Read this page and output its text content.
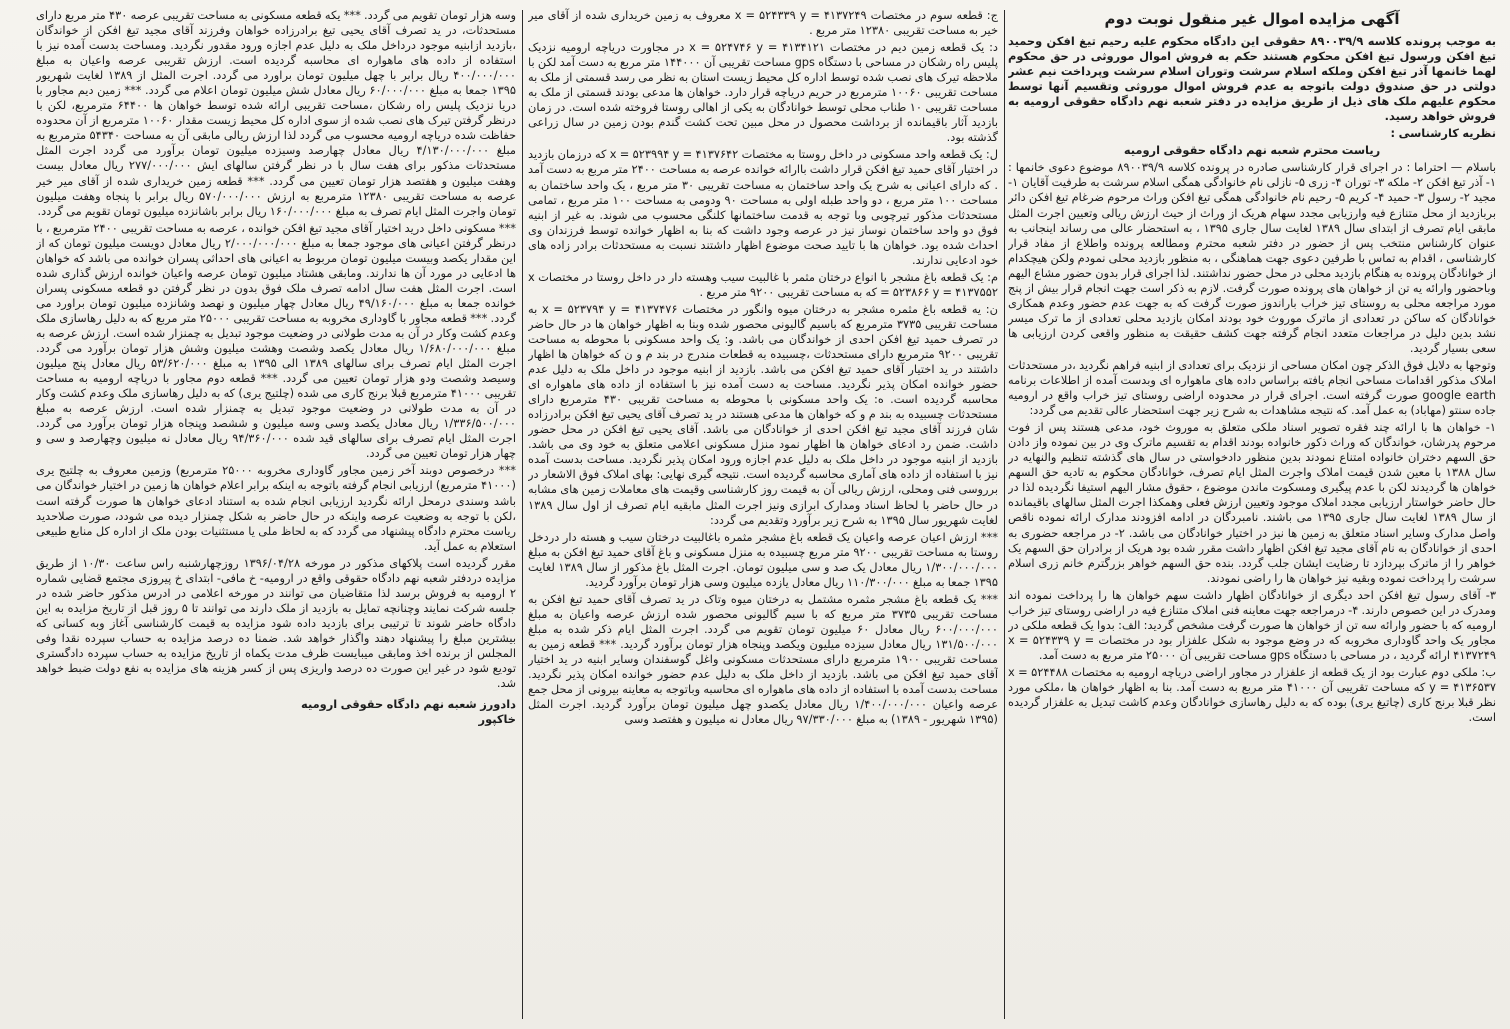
آگهی مزایده اموال غیر منقول نوبت دوم

به موجب پرونده کلاسه ۸۹۰۰۳۹/۹ حقوقی این دادگاه محکوم علیه رحیم تیغ افکن وحمید تیغ افکن ورسول تیغ افکن محکوم هستند حکم به فروش اموال موروثی در حق محکوم لهما خانمها آذر تیغ افکن وملکه اسلام سرشت وتوران اسلام سرشت وپرداخت نیم عشر دولتی در حق صندوق دولت باتوجه به عدم فروش اموال موروثی وتقسیم آنها توسط محکوم علیهم ملک های ذیل از طریق مزایده در دفتر شعبه نهم دادگاه حقوقی ارومیه به فروش خواهد رسید.

نظریه کارشناسی :
ریاست محترم شعبه نهم دادگاه حقوقی ارومیه

باسلام — احتراما : در اجرای قرار کارشناسی صادره در پرونده کلاسه ۸۹۰۰۳۹/۹ موضوع دعوی خانمها : ۱- آذر تیغ افکن ۲- ملکه ۳- توران ۴- زری ۵- نازلی نام خانوادگی همگی اسلام سرشت به طرفیت آقایان ۱- مجید ۲- رسول ۳- حمید ۴- کریم ۵- رحیم نام خانوادگی همگی تیغ افکن وراث مرحوم ضرغام تیغ افکن دائر بربازدید از محل متنازع فیه وارزیابی مجدد سهام هریک از وراث از حیث ارزش ریالی وتعیین اجرت المثل مابقی ایام تصرف از ابتدای سال ۱۳۸۹ لغایت سال جاری ۱۳۹۵ ، به استحضار عالی می رساند اینجانب به عنوان کارشناس منتخب پس از حضور در دفتر شعبه محترم ومطالعه پرونده واطلاع از مفاد قرار کارشناسی ، اقدام به تماس با طرفین دعوی جهت هماهنگی ، به منظور بازدید محلی نمودم ولکن هیچکدام از خوانادگان پرونده به هنگام بازدید محلی در محل حضور نداشتند. لذا اجرای قرار بدون حضور مشاع الیهم وباحضور وارائه یه تن از خواهان های پرونده صورت گرفت. لازم به ذکر است جهت انجام قرار بیش از پنج مورد مراجعه محلی به روستای تیز خراب باراندوز صورت گرفت که به جهت عدم حضور وعدم همکاری خوانادگان که ساکن در تعدادی از ماترک موروث خود بودند امکان بازدید محلی تعدادی از ما ترک میسر نشد بدین دلیل در مراجعات متعدد انجام گرفته جهت کشف حقیقت به منظور واقعی کردن ارزیابی ها سعی بسیار گردید.

وتوجها به دلایل فوق الذکر چون امکان مساحی از نزدیک برای تعدادی از ابنیه فراهم نگردید ،در مستحدثات املاک مذکور اقدامات مساحی انجام یافته براساس داده های ماهواره ای وبدست آمده از اطلاعات برنامه google earth صورت گرفته است. اجرای قرار در محدوده اراضی روستای تیز خراب واقع در ارومیه جاده سنتو (مهاباد) به عمل آمد. که نتیجه مشاهدات به شرح زیر جهت استحضار عالی تقدیم می گردد:

۱- خواهان ها با ارائه چند فقره تصویر اسناد ملکی متعلق به موروث خود، مدعی هستند پس از فوت مرحوم پدرشان، خواندگان که وراث ذکور خانواده بودند اقدام به تقسیم ماترک وی در بین نموده واز دادن حق السهم دختران خانواده امتناع نمودند بدین منظور دادخواستی در سال های گذشته تنظیم والنهایه در سال ۱۳۸۸ با معین شدن قیمت املاک واجرت المثل ایام تصرف، خوانادگان محکوم به تادیه حق السهم خواهان ها گردیدند لکن با عدم پیگیری ومسکوت ماندن موضوع ، حقوق مشار الیهم استیفا نگردیده لذا در حال حاضر خواستار ارزیابی مجدد املاک موجود وتعیین ارزش فعلی وهمکذا اجرت المثل سالهای باقیمانده از سال ۱۳۸۹ لغایت سال جاری ۱۳۹۵ می باشند. نامبردگان در ادامه افزودند مدارک ارائه نموده ناقص واصل مدارک وسایر اسناد متعلق به زمین ها نیز در اختیار خوانادگان می باشد. ۲- در مراجعه حضوری به احدی از خوانادگان به نام آقای مجید تیغ افکن اظهار داشت مقرر شده بود هریک از برادران حق السهم یک خواهر را از ماترک بپردازد تا رضایت ایشان جلب گردد. بنده حق السهم خواهر بزرگترم خانم زری اسلام سرشت را پرداخت نموده وبقیه نیز خواهان ها را راضی نمودند.

۳- آقای رسول تیغ افکن احد دیگری از خوانادگان اظهار داشت سهم خواهان ها را پرداخت نموده اند ومدرک در این خصوص دارند. ۴- درمراجعه جهت معاینه فنی املاک متنازع فیه در اراضی روستای تیز خراب ارومیه که با حضور وارائه سه تن از خواهان ها صورت گرفت مشخص گردید: الف: بدوا یک قطعه ملکی در مجاور یک واحد گاوداری مخروبه که در وضع موجود به شکل علفزار بود در مختصات x = ۵۲۴۳۳۹ y = ۴۱۳۷۲۴۹ ارائه گردید ، در مساحی با دستگاه gps مساحت تقریبی آن ۲۵۰۰۰ متر مربع به دست آمد.

ب: ملکی دوم عبارت بود از یک قطعه از علفزار در مجاور اراضی دریاچه ارومیه به مختصات x = ۵۲۴۴۸۸ y = ۴۱۳۶۵۳۷ که مساحت تقریبی آن ۴۱۰۰۰ متر مربع به دست آمد. بنا به اظهار خواهان ها ،ملکی مورد نظر قبلا برنج کاری (چاتیغ یری) بوده که به دلیل رهاسازی خوانادگان وعدم کاشت تبدیل به علفزار گردیده است.

ج: قطعه سوم در مختصات x = ۵۲۴۳۳۹ y = ۴۱۳۷۲۴۹ معروف به زمین خریداری شده از آقای میر خیر به مساحت تقریبی ۱۲۳۸۰ متر مربع .

د: یک قطعه زمین دیم در مختصات x = ۵۲۴۷۴۶ y = ۴۱۳۴۱۲۱ در مجاورت دریاچه ارومیه نزدیک پلیس راه رشکان در مساحی با دستگاه gps مساحت تقریبی آن ۱۴۴۰۰۰ متر مربع به دست آمد لکن با ملاحظه تیرک های نصب شده توسط اداره کل محیط زیست استان به نظر می رسد قسمتی از ملک به مساحت تقریبی ۱۰۰۶۰ مترمربع در حریم دریاچه قرار دارد. خواهان ها مدعی بودند قسمتی از ملک به مساحت تقریبی ۱۰ طناب محلی توسط خوانادگان به یکی از اهالی روستا فروخته شده است. در زمان بازدید آثار باقیمانده از برداشت محصول در محل مبین تحت کشت گندم بودن زمین در سال زراعی گذشته بود.

ل: یک قطعه واحد مسکونی در داخل روستا به مختصات x = ۵۲۳۹۹۴ y = ۴۱۳۷۶۴۲ که درزمان بازدید در اختیار آقای حمید تیغ افکن قرار داشت باارائه خوانده عرصه به مساحت ۲۴۰۰ متر مربع به دست آمد . که دارای اعیانی به شرح یک واحد ساختمان به مساحت تقریبی ۳۰ متر مربع ، یک واحد ساختمان به مساحت ۱۰۰ متر مربع ، دو واحد طبله اولی به مساحت ۹۰ ودومی به مساحت ۱۰۰ متر مربع ، تمامی مستحدثات مذکور تیرچوبی وبا توجه به قدمت ساختمانها کلنگی محسوب می شوند. به غیر از ابنیه فوق دو واحد ساختمان نوساز نیز در عرصه وجود داشت که بنا به اظهار خوانده توسط فرزندان وی احداث شده بود. خواهان ها با تایید صحت موضوع اظهار داشتند نسبت به مستحدثات برادر زاده های خود ادعایی ندارند.

م: یک قطعه باغ مشجر با انواع درختان مثمر با غالبیت سیب وهسته دار در داخل روستا در مختصات x = ۵۲۳۸۶۶ y = ۴۱۳۷۵۵۲ که به مساحت تقریبی ۹۲۰۰ متر مربع .

ن: یه قطعه باغ مثمره مشجر به درختان میوه وانگور در مختصات x = ۵۲۳۷۹۴ y = ۴۱۳۷۴۷۶ به مساحت تقریبی ۳۷۳۵ مترمربع که باسیم گالیونی محصور شده وبنا به اظهار خواهان ها در حال حاضر در تصرف حمید تیغ افکن احدی از خواندگان می باشد. و: یک واحد مسکونی با محوطه به مساحت تقریبی ۹۲۰۰ مترمربع دارای مستحدثات ،چسبیده به قطعات مندرج در بند م و ن که خواهان ها اظهار داشتند در ید اختیار آقای حمید تیغ افکن می باشد. بازدید از ابنیه موجود در داخل ملک به دلیل عدم حضور خوانده امکان پذیر نگردید. مساحت به دست آمده نیز با استفاده از داده های ماهواره ای محاسبه گردیده است. ه: یک واحد مسکونی با محوطه به مساحت تقریبی ۴۳۰ مترمربع دارای مستحدثات چسبیده به بند م و که خواهان ها مدعی هستند در ید تصرف آقای یحیی تیغ افکن برادرزاده شان فرزند آقای مجید تیغ افکن احدی از خوانادگان می باشد. آقای یحیی تیغ افکن در محل حضور داشت. ضمن رد ادعای خواهان ها اظهار نمود منزل مسکونی اعلامی متعلق به خود وی می باشد. بازدید از ابنیه موجود در داخل ملک به دلیل عدم اجازه ورود امکان پذیر نگردید. مساحت بدست آمده نیز با استفاده از داده های آماری محاسبه گردیده است. نتیجه گیری نهایی: بهای املاک فوق الاشعار در برروسی فنی ومحلی، ارزش ریالی آن به قیمت روز کارشناسی وقیمت های معاملات زمین های مشابه در حال حاضر با لحاظ اسناد ومدارک ابرازی ونیز اجرت المثل مابقیه ایام تصرف از اول سال ۱۳۸۹ لغایت شهریور سال ۱۳۹۵ به شرح زیر برآورد وتقدیم می گردد:

*** ارزش اعیان عرصه واعیان یک قطعه باغ مشجر مثمره باغالبیت درختان سیب و هسته دار دردخل روستا به مساحت تقریبی ۹۲۰۰ متر مربع چسبیده به منزل مسکونی و باغ آقای حمید تیغ افکن به مبلغ ۱/۳۰۰/۰۰۰/۰۰۰ ریال معادل یک صد و سی میلیون تومان. اجرت المثل باغ مذکور از سال ۱۳۸۹ لغایت ۱۳۹۵ جمعا به مبلغ ۱۱۰/۳۰۰/۰۰۰ ریال معادل یازده میلیون وسی هزار تومان برآورد گردید.

*** یک قطعه باغ مشجر مثمره مشتمل به درختان میوه وتاک در ید تصرف آقای حمید تیغ افکن به مساحت تقریبی ۳۷۳۵ متر مربع که با سیم گالیونی محصور شده ارزش عرصه واعیان به مبلغ ۶۰۰/۰۰۰/۰۰۰ ریال معادل ۶۰ میلیون تومان تقویم می گردد. اجرت المثل ایام ذکر شده به مبلغ ۱۳۱/۵۰۰/۰۰۰ ریال معادل سیزده میلیون ویکصد وپنجاه هزار تومان برآورد گردید. *** قطعه زمین به مساحت تقریبی ۱۹۰۰ مترمربع دارای مستحدثات مسکونی واغل گوسفندان وسایر ابنیه در ید اختیار آقای حمید تیغ افکن می باشد. بازدید از داخل ملک به دلیل عدم حضور خوانده امکان پذیر نگردید. مساحت بدست آمده با استفاده از داده های ماهواره ای محاسبه وباتوجه به معاینه بیرونی از محل جمع عرصه واعیان ۱/۴۰۰/۰۰۰/۰۰۰ ریال معادل یکصدو چهل میلیون تومان برآورد گردید. اجرت المثل (۱۳۹۵ شهریور - ۱۳۸۹) به مبلغ ۹۷/۳۳۰/۰۰۰ ریال معادل نه میلیون و هفتصد وسی

وسه هزار تومان تقویم می گردد. *** یکه قطعه مسکونی به مساحت تقریبی عرصه ۴۳۰ متر مربع دارای مستحدثات، در ید تصرف آقای یحیی تیغ برادرزاده خواهان وفرزند آقای مجید تیغ افکن از خواندگان ،بازدید ازابنیه موجود درداخل ملک به دلیل عدم اجازه ورود مقدور نگردید. ومساحت بدست آمده نیز با استفاده از داده های ماهواره ای محاسبه گردیده است. ارزش تقریبی عرصه واعیان به مبلغ ۴۰۰/۰۰۰/۰۰۰ ریال برابر با چهل میلیون تومان براورد می گردد. اجرت المثل از ۱۳۸۹ لغایت شهریور ۱۳۹۵ جمعا به مبلغ ۶۰/۰۰۰/۰۰۰ ریال معادل شش میلیون تومان اعلام می گردد. *** زمین دیم مجاور با دریا نزدیک پلیس راه رشکان ،مساحت تقریبی ارائه شده توسط خواهان ها ۶۴۴۰۰ مترمربع، لکن با درنظر گرفتن تیرک های نصب شده از سوی اداره کل محیط زیست مقدار ۱۰۰۶۰ مترمربع از آن محدوده حفاظت شده دریاچه ارومیه محسوب می گردد لذا ارزش ریالی مابقی آن به مساحت ۵۴۳۴۰ مترمربع به مبلغ ۴/۱۳۰/۰۰۰/۰۰۰ ریال معادل چهارصد وسیزده میلیون تومان برآورد می گردد اجرت المثل مستحدثات مذکور برای هفت سال با در نظر گرفتن سالهای ایش ۲۷۷/۰۰۰/۰۰۰ ریال معادل بیست وهفت میلیون و هفتصد هزار تومان تعیین می گردد. *** قطعه زمین خریداری شده از آقای میر خیر عرصه به مساحت تقریبی ۱۲۳۸۰ مترمربع به ارزش ۵۷۰/۰۰۰/۰۰۰ ریال برابر با پنجاه وهفت میلیون تومان واجرت المثل ایام تصرف به مبلغ ۱۶۰/۰۰۰/۰۰۰ ریال برابر باشانزده میلیون تومان تقویم می گردد.

*** مسکونی داخل درید اختیار آقای مجید تیغ افکن خوانده ، عرصه به مساحت تقریبی ۲۴۰۰ مترمربع ، با درنظر گرفتن اعیانی های موجود جمعا به مبلغ ۲/۰۰۰/۰۰۰/۰۰۰ ریال معادل دویست میلیون تومان که از این مقدار یکصد وبیست میلیون تومان مربوط به اعیانی های احداثی پسران خوانده می باشد که خواهان ها ادعایی در مورد آن ها ندارند. ومابقی هشتاد میلیون تومان عرصه واعیان خوانده ارزش گذاری شده است. اجرت المثل هفت سال ادامه تصرف ملک فوق بدون در نظر گرفتن دو قطعه مسکونی پسران خوانده جمعا به مبلغ ۴۹/۱۶۰/۰۰۰ ریال معادل چهار میلیون و نهصد وشانزده میلیون تومان براورد می گردد. *** قطعه مجاور با گاوداری مخروبه به مساحت تقریبی ۲۵۰۰۰ متر مربع که به دلیل رهاسازی ملک وعدم کشت وکار در آن به مدت طولانی در وضعیت موجود تبدیل به چمنزار شده است. ارزش عرصه به مبلغ ۱/۶۸۰/۰۰۰/۰۰۰ ریال معادل یکصد وشصت وهشت میلیون وشش هزار تومان برآورد می گردد. اجرت المثل ایام تصرف برای سالهای ۱۳۸۹ الی ۱۳۹۵ به مبلغ ۵۳/۶۲۰/۰۰۰ ریال معادل پنج میلیون وسیصد وشصت ودو هزار تومان تعیین می گردد. *** قطعه دوم مجاور با دریاچه ارومیه به مساحت تقریبی ۴۱۰۰۰ مترمربع قبلا برنج کاری می شده (چلتیج یری) که به دلیل رهاسازی ملک وعدم کشت وکار در آن به مدت طولانی در وضعیت موجود تبدیل به چمنزار شده است. ارزش عرصه به مبلغ ۱/۳۳۶/۵۰۰/۰۰۰ ریال معادل یکصد وسی وسه میلیون و ششصد وپنجاه هزار تومان برآورد می گردد. اجرت المثل ایام تصرف برای سالهای قید شده ۹۴/۳۶۰/۰۰۰ ریال معادل نه میلیون وچهارصد و سی و چهار هزار تومان تعیین می گردد.

*** درخصوص دوبند آخر زمین مجاور گاوداری مخروبه ۲۵۰۰۰ مترمربع) وزمین معروف به چلتیج یری (۴۱۰۰۰ مترمربع) ارزیابی انجام گرفته باتوجه به اینکه برابر اعلام خواهان ها زمین در اختیار خواندگان می باشد وسندی درمحل ارائه نگردید ارزیابی انجام شده به استناد ادعای خواهان ها صورت گرفته است ،لکن با توجه به وضعیت عرصه واینکه در حال حاضر به شکل چمنزار دیده می شودد، صورت صلاحدید ریاست محترم دادگاه پیشنهاد می گردد که به لحاظ ملی یا مستثنیات بودن ملک از اداره کل منابع طبیعی استعلام به عمل آید.

مقرر گردیده است پلاکهای مذکور در مورخه ۱۳۹۶/۰۴/۲۸ روزچهارشنبه راس ساعت ۱۰/۳۰ از طریق مزایده دردفتر شعبه نهم دادگاه حقوقی واقع در ارومیه- خ مافی- ابتدای خ پیروزی مجتمع قضایی شماره ۲ ارومیه به فروش برسد لذا متقاضیان می توانند در مورخه اعلامی در ادرس مذکور حاضر شده در جلسه شرکت نمایند وچنانچه تمایل به بازدید از ملک دارند می توانند تا ۵ روز قبل از تاریخ مزایده به این دادگاه حاضر شوند تا ترتیبی برای بازدید داده شود مزایده به قیمت کارشناسی آغاز وبه کسانی که بیشترین مبلغ را پیشنهاد دهند واگذار خواهد شد. ضمنا ده درصد مزایده به حساب سپرده نقدا وفی المجلس از برنده اخذ ومابقی میبایست ظرف مدت یکماه از تاریخ مزایده به حساب سپرده دادگستری تودیع شود در غیر این صورت ده درصد واریزی پس از کسر هزینه های مزایده به نفع دولت ضبط خواهد شد.

دادورز شعبه نهم دادگاه حقوقی ارومیه
خاکپور
